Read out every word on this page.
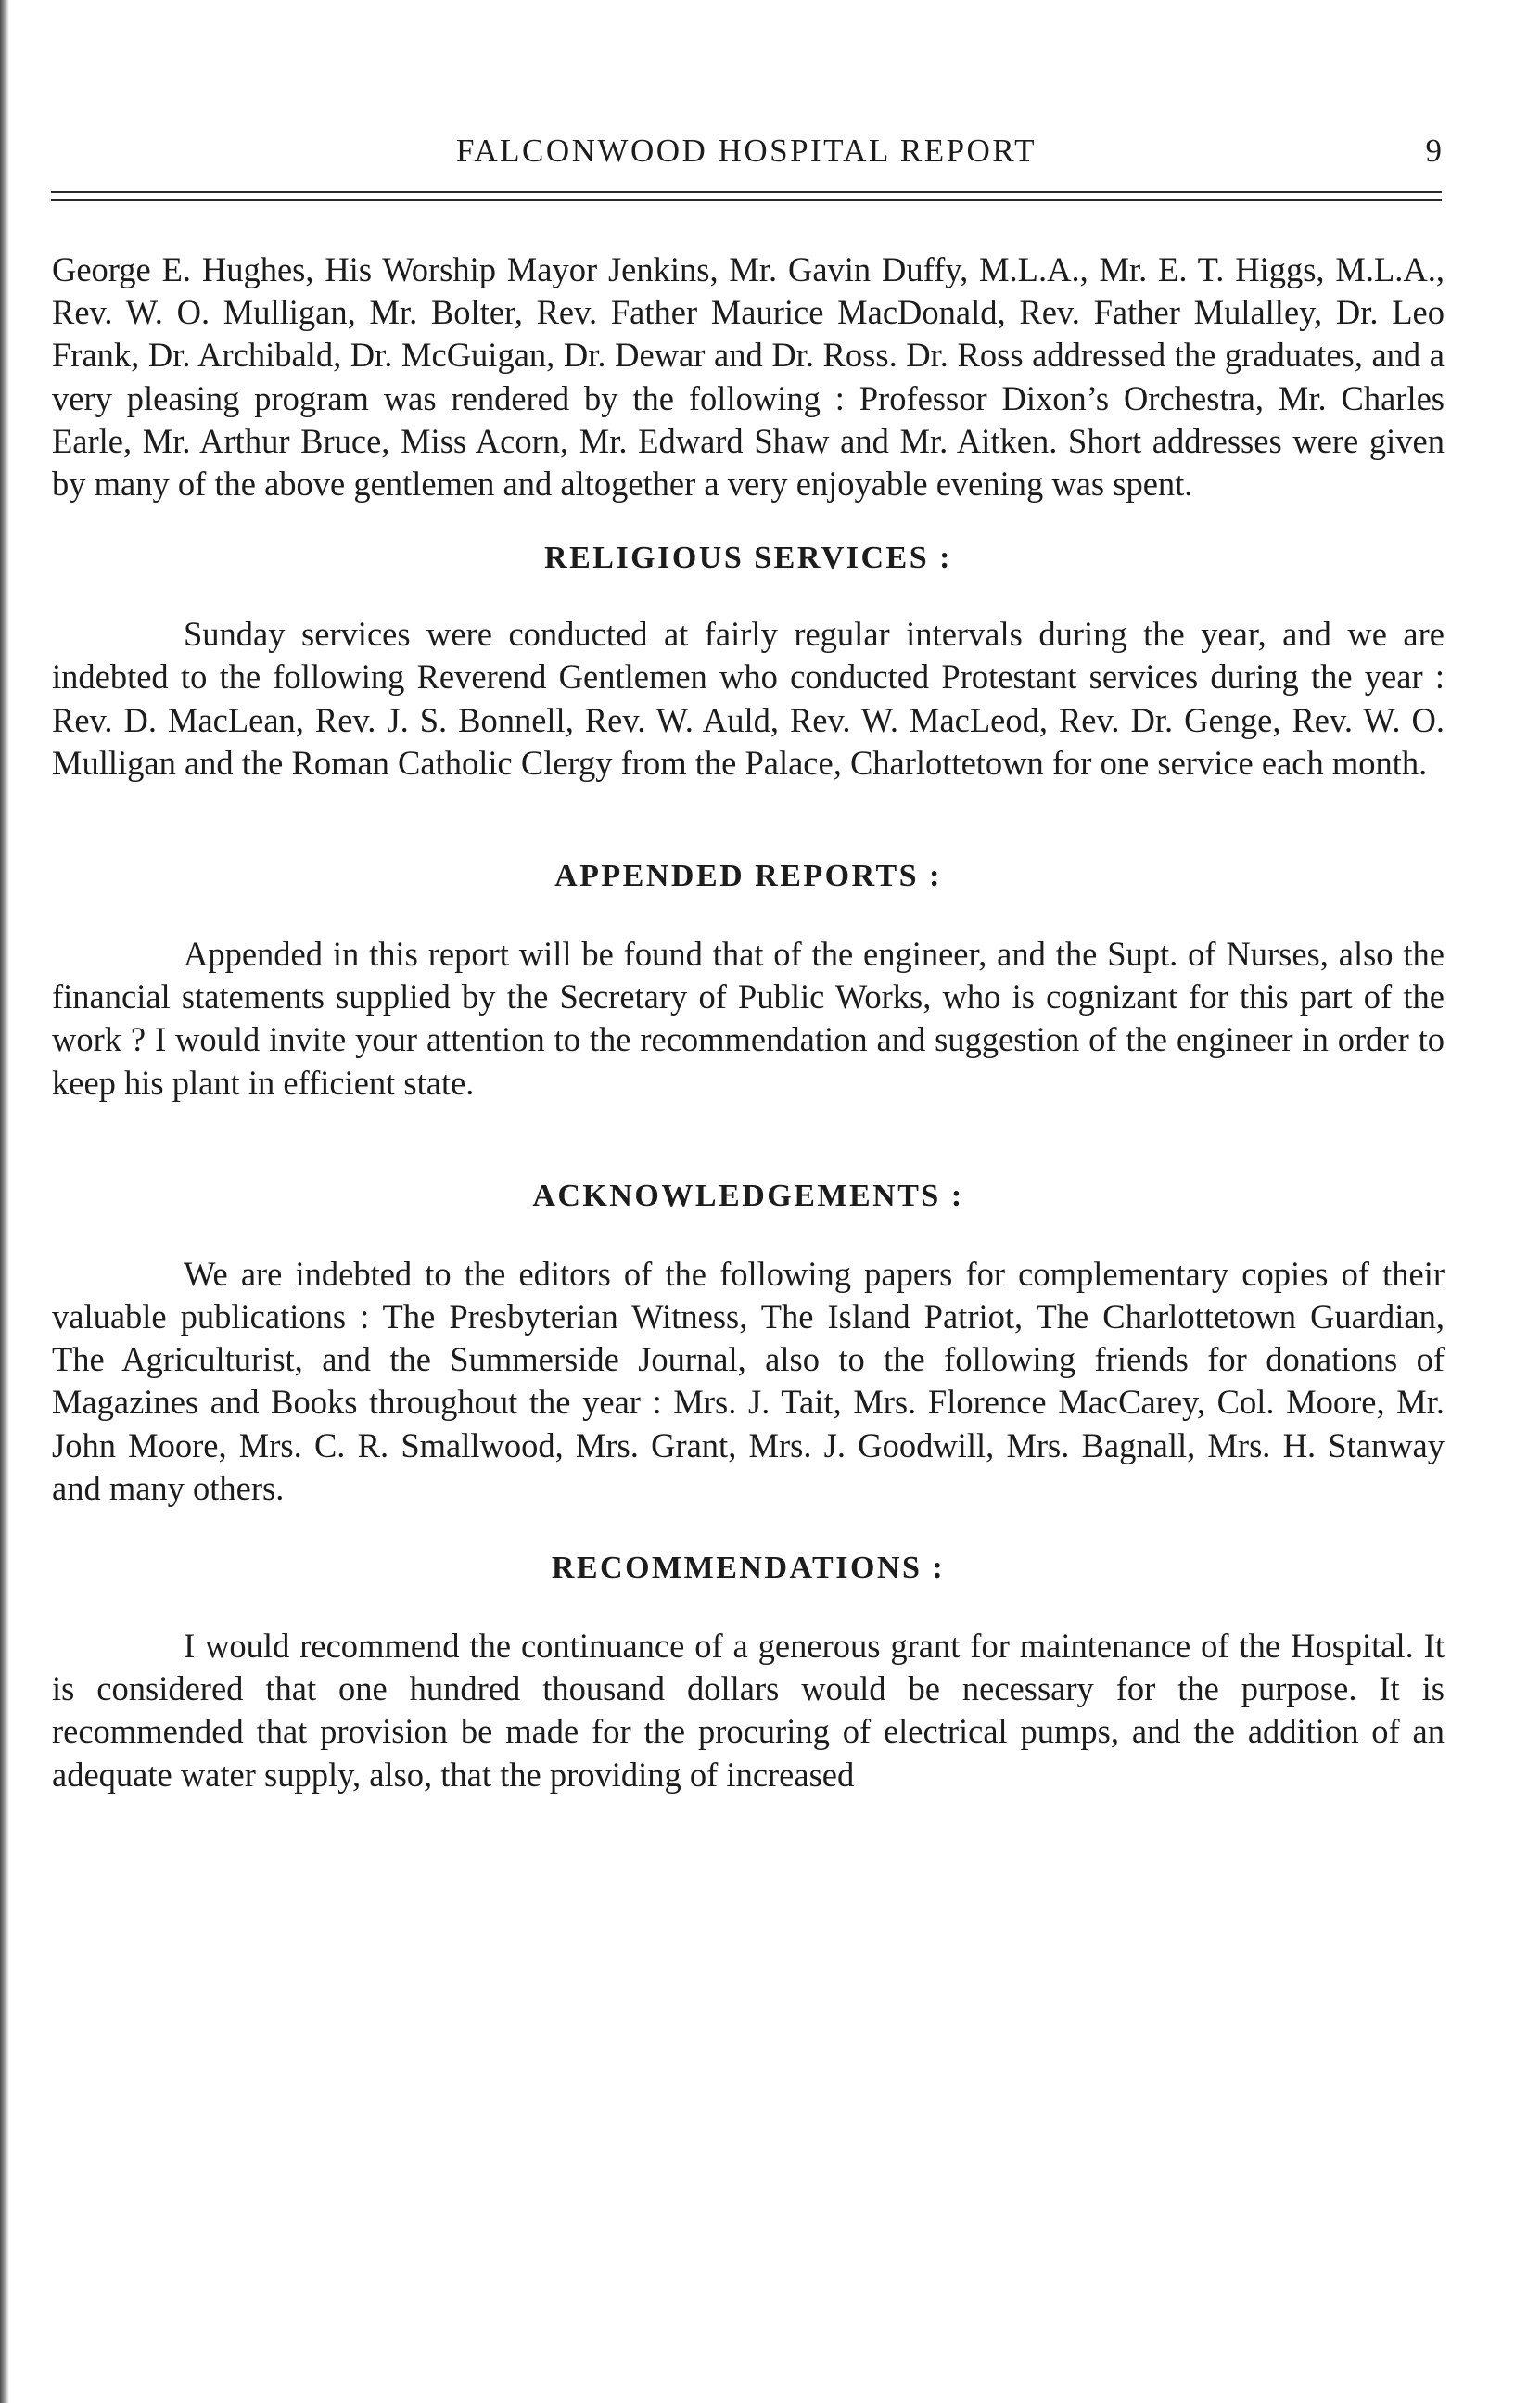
FALCONWOOD HOSPITAL REPORT	9

George E. Hughes, His Worship Mayor Jenkins, Mr. Gavin Duffy, M.L.A., Mr. E. T. Higgs, M.L.A., Rev. W. O. Mulligan, Mr. Bolter, Rev. Father Maurice MacDonald, Rev. Father Mulalley, Dr. Leo Frank, Dr. Archibald, Dr. McGuigan, Dr. Dewar and Dr. Ross. Dr. Ross addressed the graduates, and a very pleasing program was rendered by the following : Professor Dixon’s Orchestra, Mr. Charles Earle, Mr. Arthur Bruce, Miss Acorn, Mr. Edward Shaw and Mr. Aitken. Short addresses were given by many of the above gentlemen and altogether a very enjoyable evening was spent.

RELIGIOUS SERVICES :

Sunday services were conducted at fairly regular intervals during the year, and we are indebted to the following Reverend Gentlemen who conducted Protestant services during the year : Rev. D. MacLean, Rev. J. S. Bonnell, Rev. W. Auld, Rev. W. MacLeod, Rev. Dr. Genge, Rev. W. O. Mulligan and the Roman Catholic Clergy from the Palace, Charlottetown for one service each month.

APPENDED REPORTS :

Appended in this report will be found that of the engineer, and the Supt. of Nurses, also the financial statements supplied by the Secretary of Public Works, who is cognizant for this part of the work ? I would invite your attention to the recommendation and suggestion of the engineer in order to keep his plant in efficient state.

ACKNOWLEDGEMENTS :

We are indebted to the editors of the following papers for complementary copies of their valuable publications : The Presbyterian Witness, The Island Patriot, The Charlottetown Guardian, The Agriculturist, and the Summerside Journal, also to the following friends for donations of Magazines and Books throughout the year : Mrs. J. Tait, Mrs. Florence MacCarey, Col. Moore, Mr. John Moore, Mrs. C. R. Smallwood, Mrs. Grant, Mrs. J. Goodwill, Mrs. Bagnall, Mrs. H. Stanway and many others.

RECOMMENDATIONS :

I would recommend the continuance of a generous grant for maintenance of the Hospital. It is considered that one hundred thousand dollars would be necessary for the purpose. It is recommended that provision be made for the procuring of electrical pumps, and the addition of an adequate water supply, also, that the providing of increased
